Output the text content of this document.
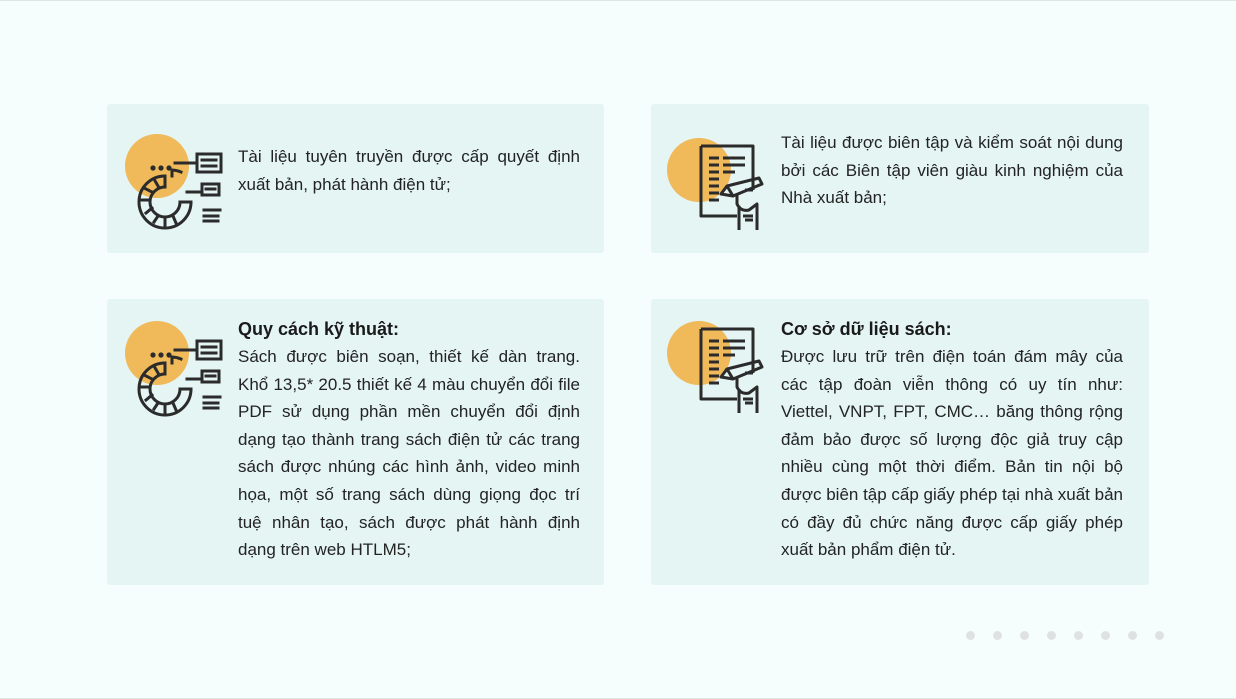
Tài liệu tuyên truyền được cấp quyết định xuất bản, phát hành điện tử;
Tài liệu được biên tập và kiểm soát nội dung bởi các Biên tập viên giàu kinh nghiệm của Nhà xuất bản;
Quy cách kỹ thuật:
Sách được biên soạn, thiết kế dàn trang. Khổ 13,5* 20.5 thiết kế 4 màu chuyển đổi file PDF sử dụng phần mền chuyển đổi định dạng tạo thành trang sách điện tử các trang sách được nhúng các hình ảnh, video minh họa, một số trang sách dùng giọng đọc trí tuệ nhân tạo, sách được phát hành định dạng trên web HTLM5;
Cơ sở dữ liệu sách:
Được lưu trữ trên điện toán đám mây của các tập đoàn viễn thông có uy tín như: Viettel, VNPT, FPT, CMC… băng thông rộng đảm bảo được số lượng độc giả truy cập nhiều cùng một thời điểm. Bản tin nội bộ được biên tập cấp giấy phép tại nhà xuất bản có đầy đủ chức năng được cấp giấy phép xuất bản phẩm điện tử.
